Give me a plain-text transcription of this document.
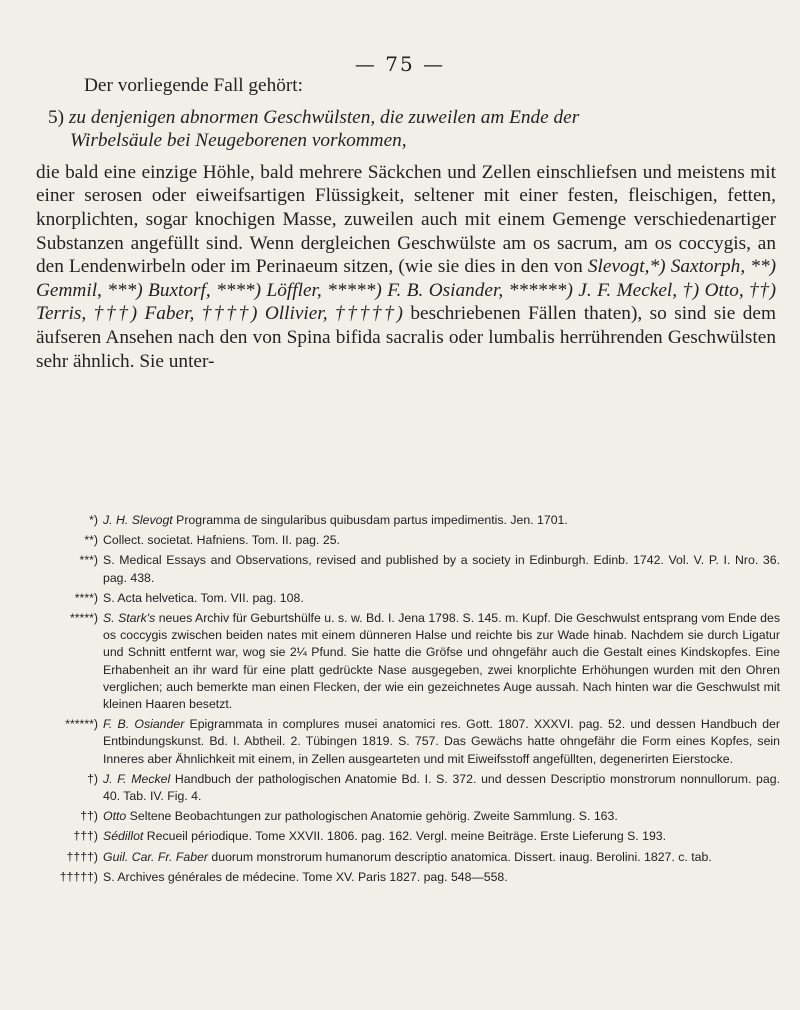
— 75 —
Der vorliegende Fall gehört:
5) zu denjenigen abnormen Geschwülsten, die zuweilen am Ende der
Wirbelsäule bei Neugeborenen vorkommen,
die bald eine einzige Höhle, bald mehrere Säckchen und Zellen einschliefsen und meistens mit einer serosen oder eiweifsartigen Flüssigkeit, seltener mit einer festen, fleischigen, fetten, knorplichten, sogar knochigen Masse, zuweilen auch mit einem Gemenge verschiedenartiger Substanzen angefüllt sind. Wenn dergleichen Geschwülste am os sacrum, am os coccygis, an den Lendenwirbeln oder im Perinaeum sitzen, (wie sie dies in den von Slevogt,*) Saxtorph, **) Gemmil, ***) Buxtorf, ****) Löffler, *****) F. B. Osiander, ******) J. F. Meckel, †) Otto, ††) Terris, †††) Faber, ††††) Ollivier, †††††) beschriebenen Fällen thaten), so sind sie dem äufseren Ansehen nach den von Spina bifida sacralis oder lumbalis herrührenden Geschwülsten sehr ähnlich. Sie unter-
*) J. H. Slevogt Programma de singularibus quibusdam partus impedimentis. Jen. 1701.
**) Collect. societat. Hafniens. Tom. II. pag. 25.
***) S. Medical Essays and Observations, revised and published by a society in Edinburgh. Edinb. 1742. Vol. V. P. I. Nro. 36. pag. 438.
****) S. Acta helvetica. Tom. VII. pag. 108.
*****) S. Stark's neues Archiv für Geburtshülfe u. s. w. Bd. I. Jena 1798. S. 145. m. Kupf. Die Geschwulst entsprang vom Ende des os coccygis zwischen beiden nates mit einem dünneren Halse und reichte bis zur Wade hinab. Nachdem sie durch Ligatur und Schnitt entfernt war, wog sie 2¼ Pfund. Sie hatte die Gröfse und ohngefähr auch die Gestalt eines Kindskopfes. Eine Erhabenheit an ihr ward für eine platt gedrückte Nase ausgegeben, zwei knorplichte Erhöhungen wurden mit den Ohren verglichen; auch bemerkte man einen Flecken, der wie ein gezeichnetes Auge aussah. Nach hinten war die Geschwulst mit kleinen Haaren besetzt.
******) F. B. Osiander Epigrammata in complures musei anatomici res. Gott. 1807. XXXVI. pag. 52. und dessen Handbuch der Entbindungskunst. Bd. I. Abtheil. 2. Tübingen 1819. S. 757. Das Gewächs hatte ohngefähr die Form eines Kopfes, sein Inneres aber Ähnlichkeit mit einem, in Zellen ausgearteten und mit Eiweifsstoff angefüllten, degenerirten Eierstocke.
†) J. F. Meckel Handbuch der pathologischen Anatomie Bd. I. S. 372. und dessen Descriptio monstrorum nonnullorum. pag. 40. Tab. IV. Fig. 4.
††) Otto Seltene Beobachtungen zur pathologischen Anatomie gehörig. Zweite Sammlung. S. 163.
†††) Sédillot Recueil périodique. Tome XXVII. 1806. pag. 162. Vergl. meine Beiträge. Erste Lieferung S. 193.
††††) Guil. Car. Fr. Faber duorum monstrorum humanorum descriptio anatomica. Dissert. inaug. Berolini. 1827. c. tab.
†††††) S. Archives générales de médecine. Tome XV. Paris 1827. pag. 548—558.
